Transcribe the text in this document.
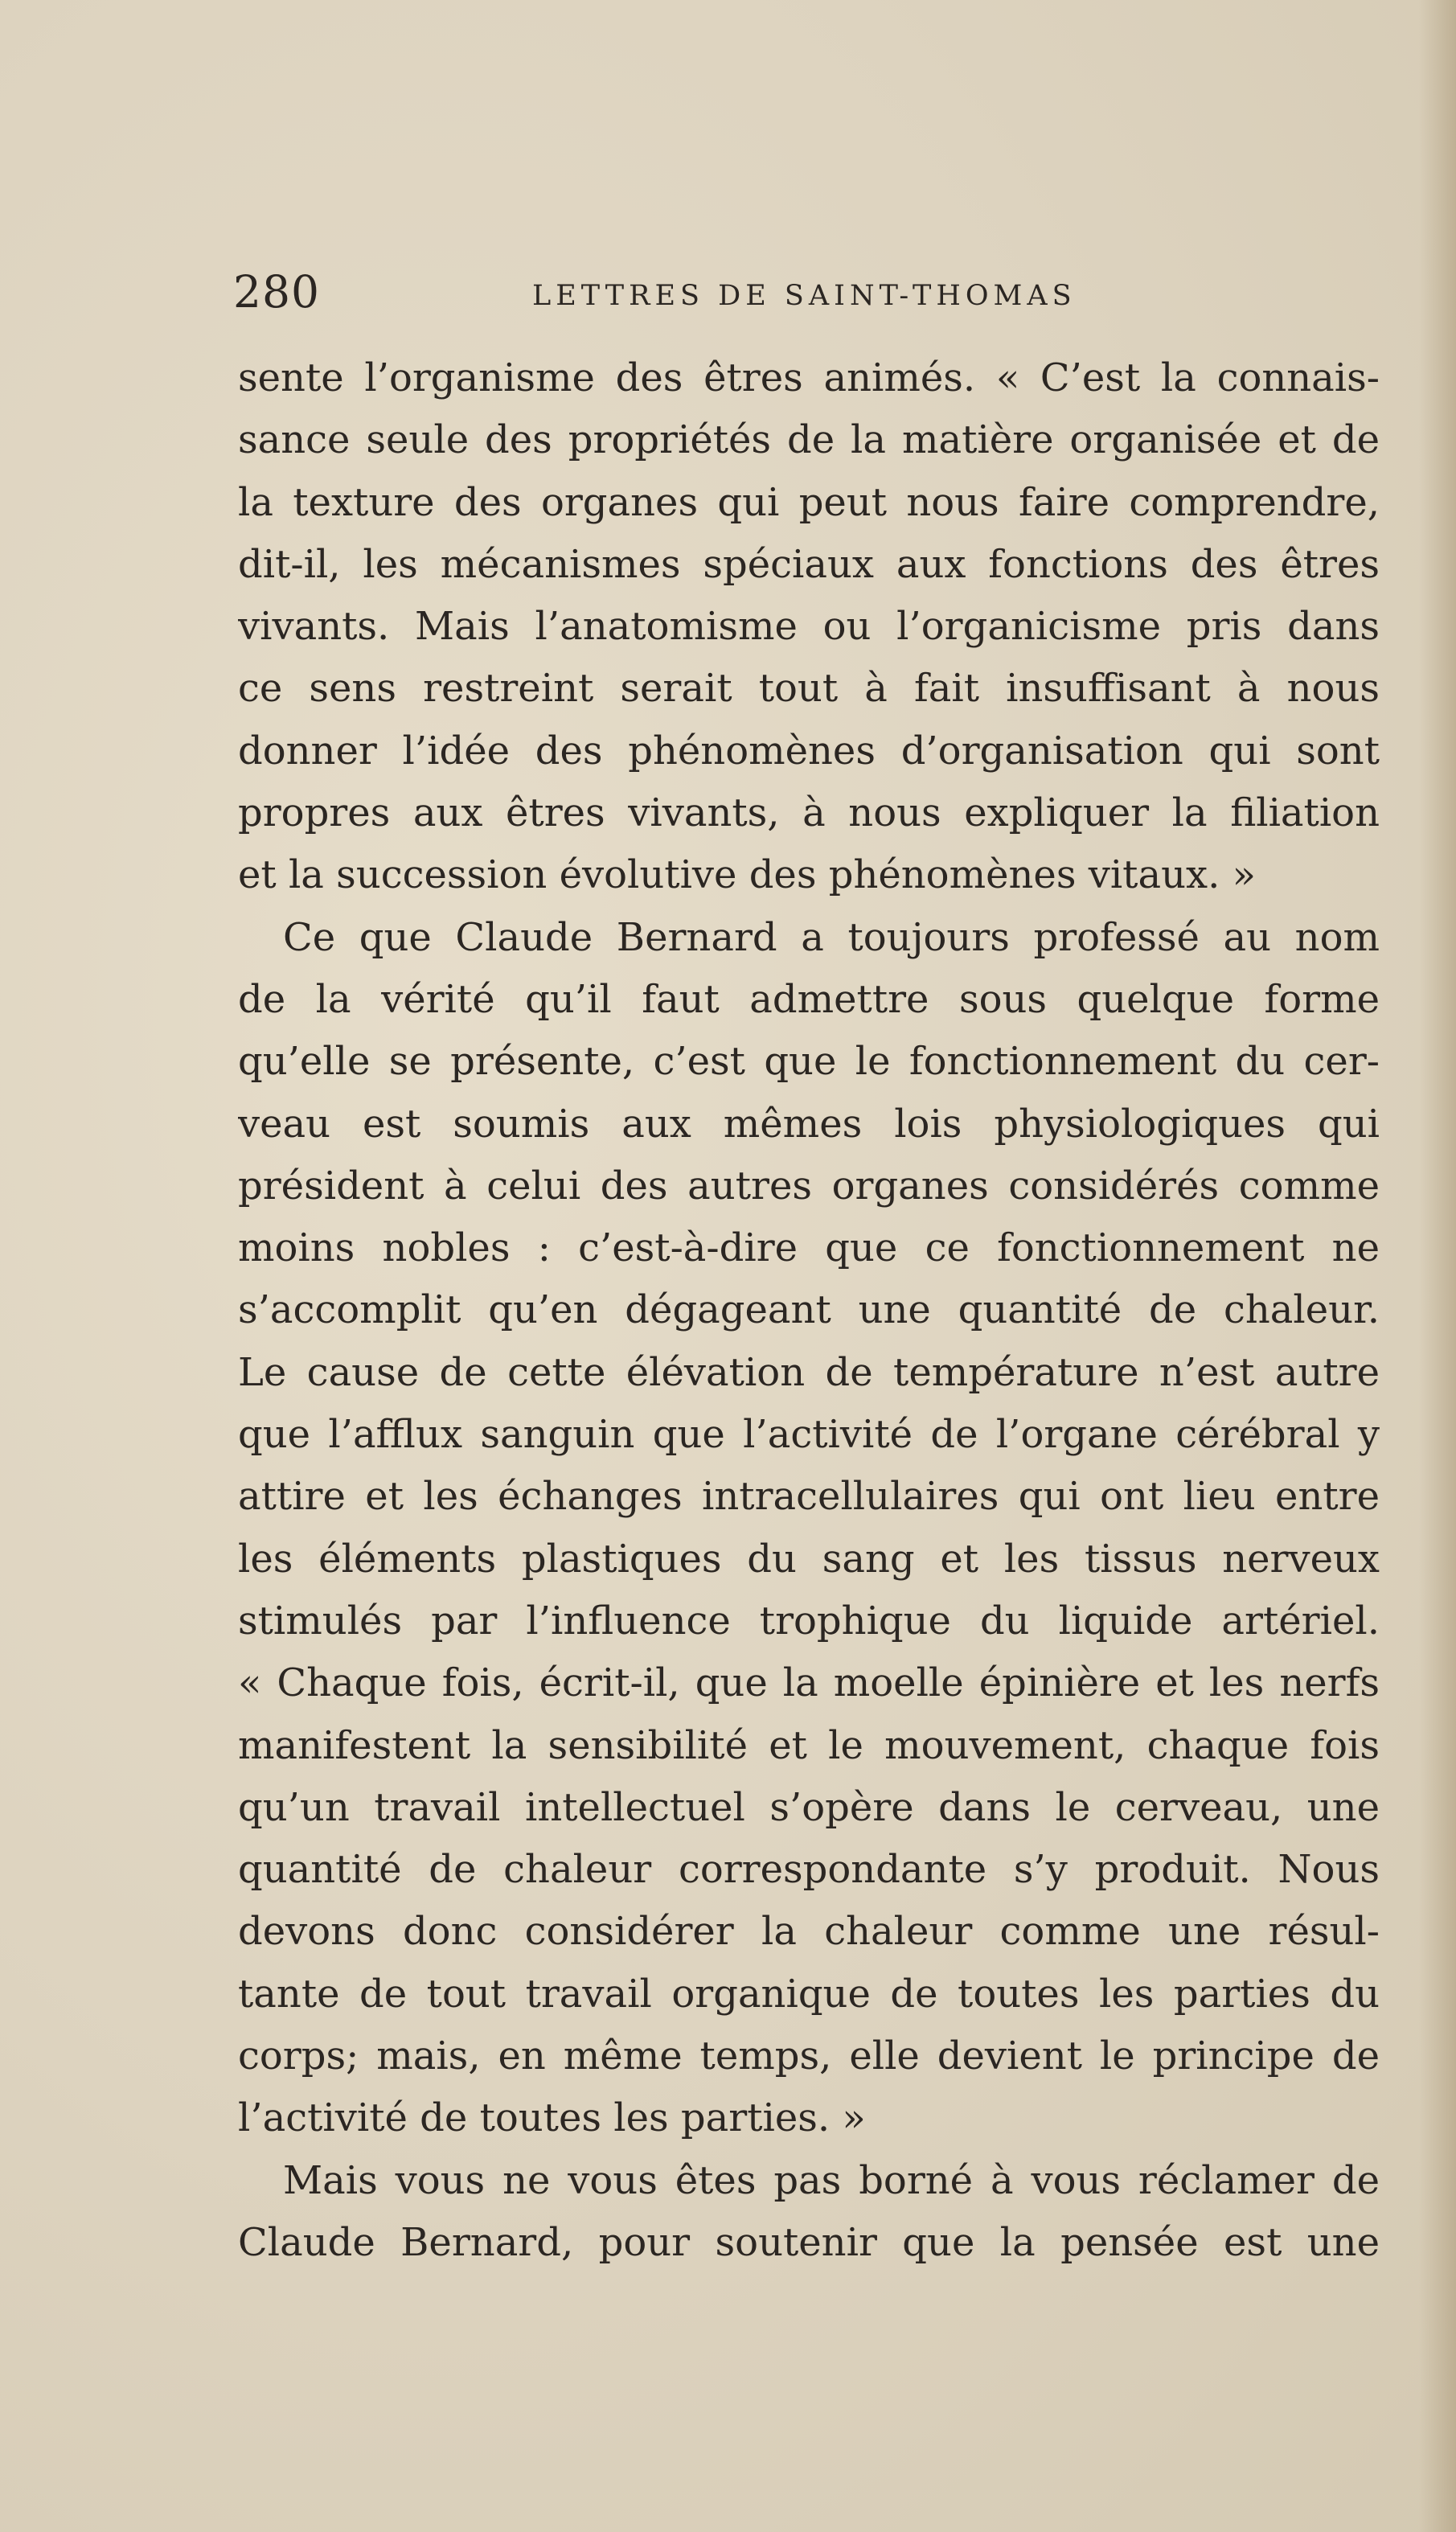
280	LETTRES DE SAINT-THOMAS
sente l’organisme des êtres animés. « C’est la connais-
sance seule des propriétés de la matière organisée et de
la texture des organes qui peut nous faire comprendre,
dit-il, les mécanismes spéciaux aux fonctions des êtres
vivants. Mais l’anatomisme ou l’organicisme pris dans
ce sens restreint serait tout à fait insuffisant à nous
donner l’idée des phénomènes d’organisation qui sont
propres aux êtres vivants, à nous expliquer la filiation
et la succession évolutive des phénomènes vitaux. »
Ce que Claude Bernard a toujours professé au nom
de la vérité qu’il faut admettre sous quelque forme
qu’elle se présente, c’est que le fonctionnement du cer-
veau est soumis aux mêmes lois physiologiques qui
président à celui des autres organes considérés comme
moins nobles : c’est-à-dire que ce fonctionnement ne
s’accomplit qu’en dégageant une quantité de chaleur.
Le cause de cette élévation de température n’est autre
que l’afflux sanguin que l’activité de l’organe cérébral y
attire et les échanges intracellulaires qui ont lieu entre
les éléments plastiques du sang et les tissus nerveux
stimulés par l’influence trophique du liquide artériel.
« Chaque fois, écrit-il, que la moelle épinière et les nerfs
manifestent la sensibilité et le mouvement, chaque fois
qu’un travail intellectuel s’opère dans le cerveau, une
quantité de chaleur correspondante s’y produit. Nous
devons donc considérer la chaleur comme une résul-
tante de tout travail organique de toutes les parties du
corps; mais, en même temps, elle devient le principe de
l’activité de toutes les parties. »
Mais vous ne vous êtes pas borné à vous réclamer de
Claude Bernard, pour soutenir que la pensée est une
